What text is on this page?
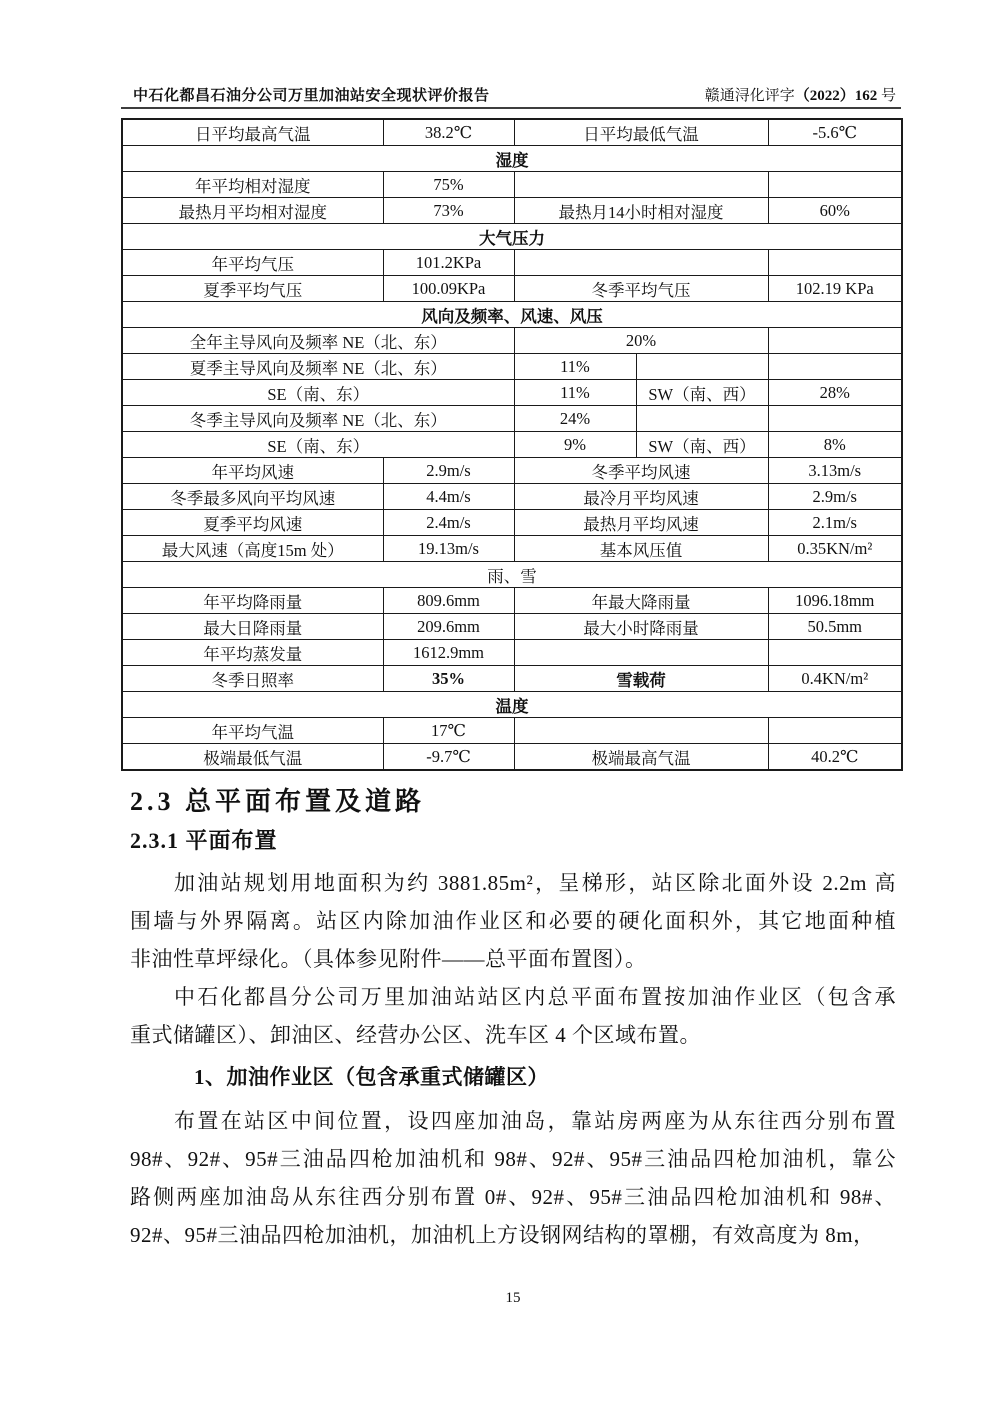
中石化都昌石油分公司万里加油站安全现状评价报告	赣通浔化评字（2022）162 号
日平均最高气温	38.2℃	日平均最低气温		-5.6℃
湿度				
年平均相对湿度	75%			
最热月平均相对湿度	73%	最热月14小时相对湿度		60%
大气压力				
年平均气压	101.2KPa			
夏季平均气压	100.09KPa	冬季平均气压		102.19 KPa
风向及频率、风速、风压				
全年主导风向及频率 NE（北、东）		20%		
夏季主导风向及频率 NE（北、东）		11%		
SE（南、东）		11%	SW（南、西）	28%
冬季主导风向及频率 NE（北、东）		24%		
SE（南、东）		9%	SW（南、西）	8%
年平均风速	2.9m/s	冬季平均风速		3.13m/s
冬季最多风向平均风速	4.4m/s	最冷月平均风速		2.9m/s
夏季平均风速	2.4m/s	最热月平均风速		2.1m/s
最大风速（高度15m 处）	19.13m/s	基本风压值		0.35KN/m²
雨、雪				
年平均降雨量	809.6mm	年最大降雨量		1096.18mm
最大日降雨量	209.6mm	最大小时降雨量		50.5mm
年平均蒸发量	1612.9mm			
冬季日照率	35%	雪载荷		0.4KN/m²
温度				
年平均气温	17℃			
极端最低气温	-9.7℃	极端最高气温		40.2℃
2.3 总平面布置及道路
2.3.1 平面布置
加油站规划用地面积为约 3881.85m²，呈梯形，站区除北面外设 2.2m 高
围墙与外界隔离。站区内除加油作业区和必要的硬化面积外，其它地面种植
非油性草坪绿化。（具体参见附件——总平面布置图）。
中石化都昌分公司万里加油站站区内总平面布置按加油作业区（包含承
重式储罐区）、卸油区、经营办公区、洗车区 4 个区域布置。
1、加油作业区（包含承重式储罐区）
布置在站区中间位置，设四座加油岛，靠站房两座为从东往西分别布置
98#、92#、95#三油品四枪加油机和 98#、92#、95#三油品四枪加油机，靠公
路侧两座加油岛从东往西分别布置 0#、92#、95#三油品四枪加油机和 98#、
92#、95#三油品四枪加油机，加油机上方设钢网结构的罩棚，有效高度为 8m，
15
